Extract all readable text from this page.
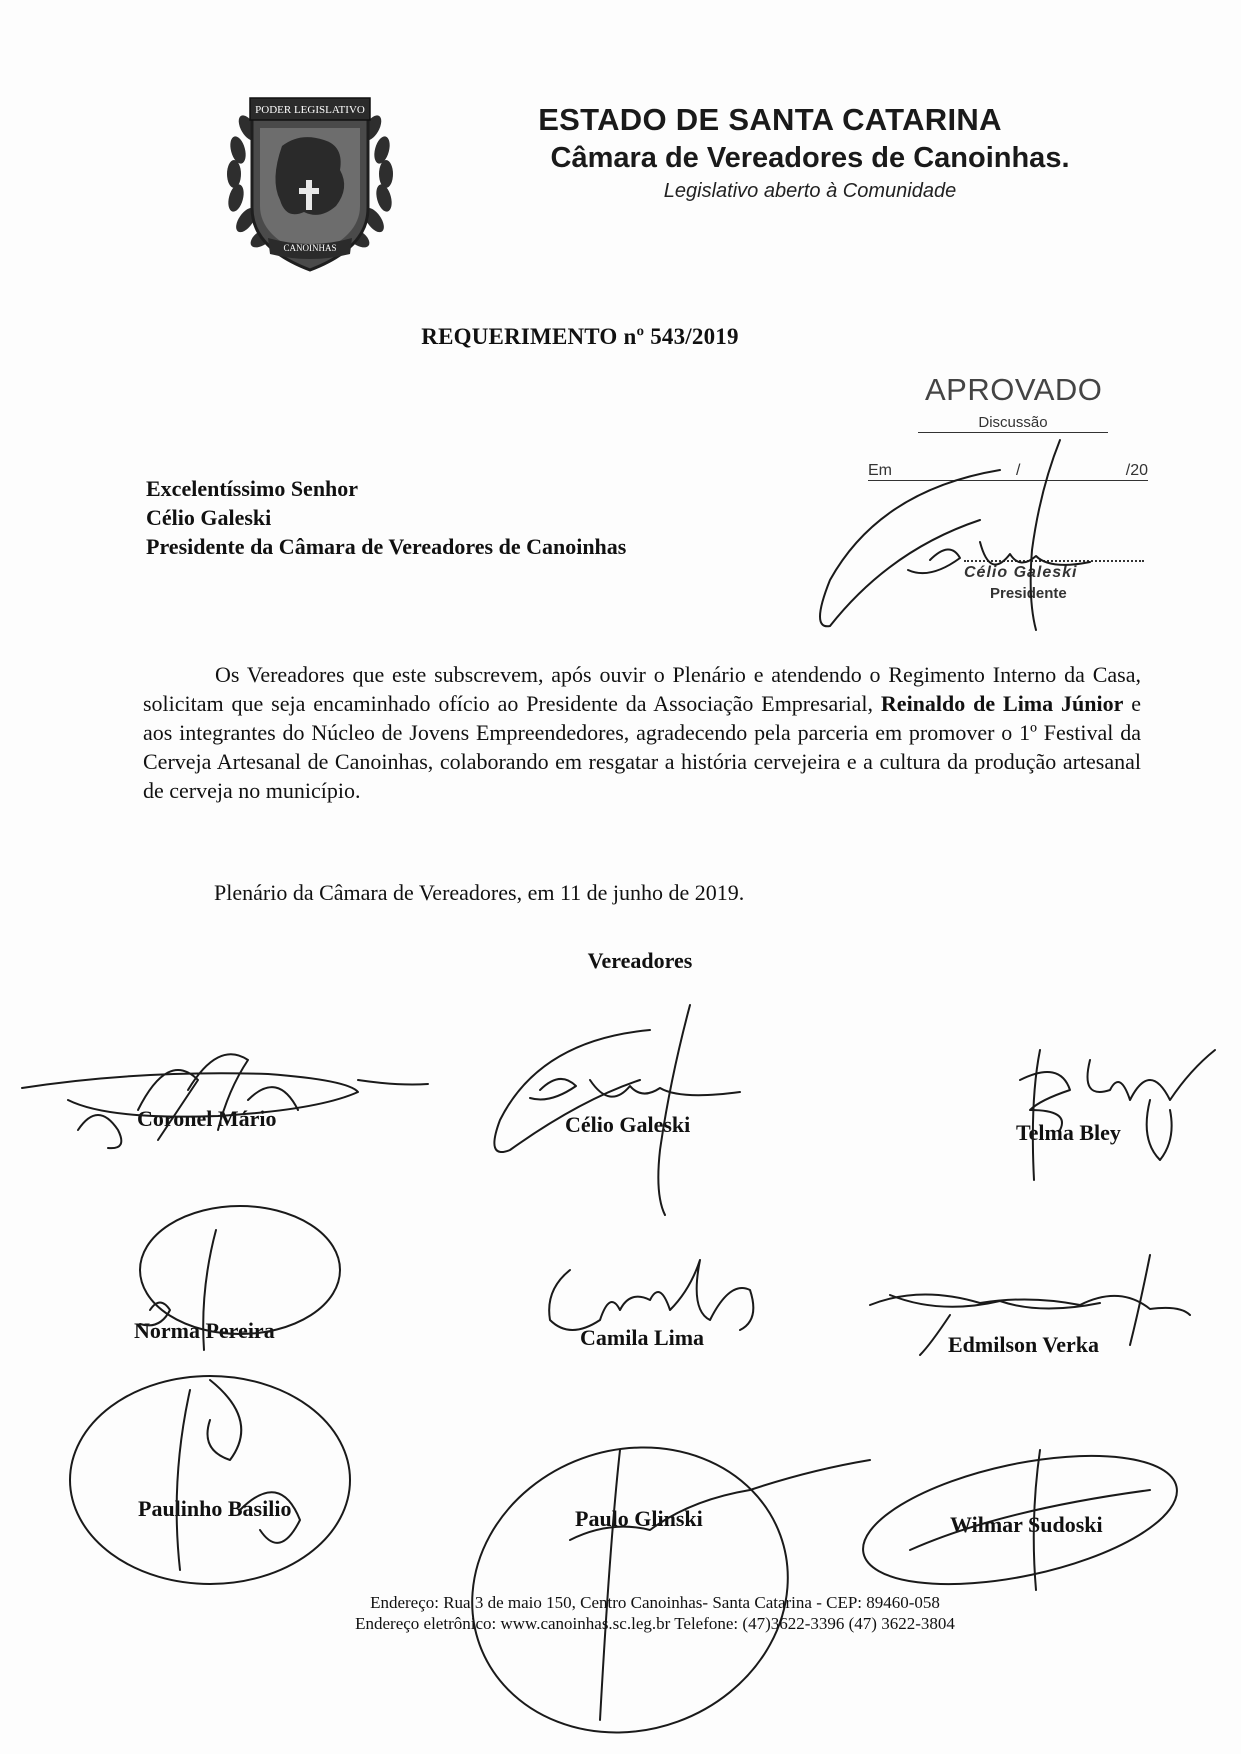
PODER LEGISLATIVO
CANOINHAS
ESTADO DE SANTA CATARINA
Câmara de Vereadores de Canoinhas.
Legislativo aberto à Comunidade
REQUERIMENTO nº 543/2019
APROVADO
Discussão
Em	/	/20
Célio Galeski
Presidente
Excelentíssimo Senhor
Célio Galeski
Presidente da Câmara de Vereadores de Canoinhas
Os Vereadores que este subscrevem, após ouvir o Plenário e atendendo o Regimento Interno da Casa, solicitam que seja encaminhado ofício ao Presidente da Associação Empresarial, Reinaldo de Lima Júnior e aos integrantes do Núcleo de Jovens Empreendedores, agradecendo pela parceria em promover o 1º Festival da Cerveja Artesanal de Canoinhas, colaborando em resgatar a história cervejeira e a cultura da produção artesanal de cerveja no município.
Plenário da Câmara de Vereadores, em 11 de junho de 2019.
Vereadores
Coronel Mário	Célio Galeski	Telma Bley
Norma Pereira	Camila Lima	Edmilson Verka
Paulinho Basilio	Paulo Glinski	Wilmar Sudoski
Endereço: Rua 3 de maio 150, Centro Canoinhas- Santa Catarina - CEP: 89460-058
Endereço eletrônico: www.canoinhas.sc.leg.br Telefone: (47)3622-3396 (47) 3622-3804
